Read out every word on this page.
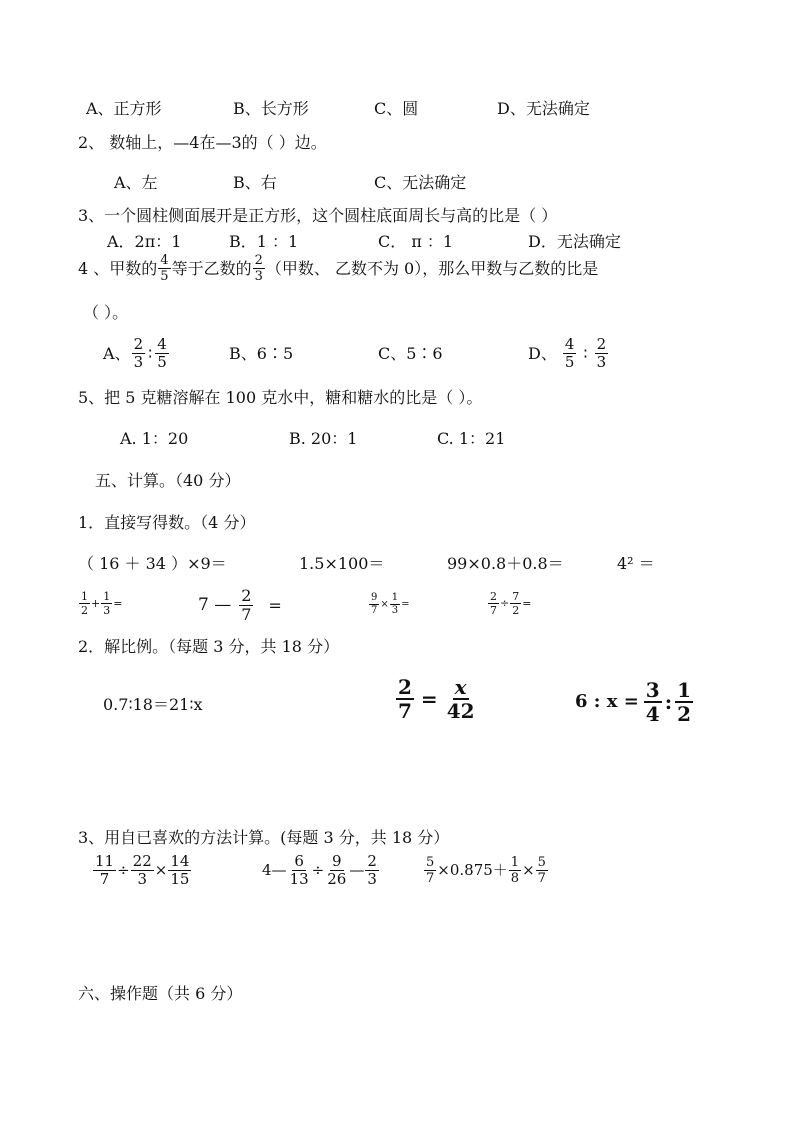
A、正方形	B、长方形	C、圆	D、无法确定
2、 数轴上，—4在—3的（ ）边。
A、左	B、右	C、无法确定
3、一个圆柱侧面展开是正方形，这个圆柱底面周长与高的比是（ ）
A．2π：1	B．1 ：1	C． π ：1	D．无法确定
4 、甲数的 $\frac{4}{5}$ 等于乙数的 $\frac{2}{3}$ （甲数、 乙数不为 0），那么甲数与乙数的比是
（ ）。
A、 $\frac{2}{3}$ ∶ $\frac{4}{5}$	B、6∶5	C、5∶6	D、 $\frac{4}{5}$ ∶ $\frac{2}{3}$
5、把 5 克糖溶解在 100 克水中，糖和糖水的比是（ ）。
A. 1：20	B. 20：1	C. 1：21
五、计算。（40 分）
1．直接写得数。（4 分）
（ 16 ＋ 34 ）×9＝	1.5×100＝	99×0.8＋0.8＝	4² ＝
$\frac{1}{2} + \frac{1}{3}$ =	7 — $\frac{2}{7}$ =	$\frac{9}{7} \times \frac{1}{3}$ =	$\frac{2}{7} \div \frac{7}{2}$ =
2．解比例。（每题 3 分，共 18 分）
0.7∶18＝21∶x	$\frac{2}{7} = \frac{x}{42}$	6 : $x = \frac{3}{4}$ : $\frac{1}{2}$
3、用自已喜欢的方法计算。(每题 3 分，共 18 分）
$\frac{11}{7} \div \frac{22}{3} \times \frac{14}{15}$	4— $\frac{6}{13} \div \frac{9}{26}$ — $\frac{2}{3}$	$\frac{5}{7} \times 0.875+ \frac{1}{8} \times \frac{5}{7}$
六、操作题（共 6 分）
